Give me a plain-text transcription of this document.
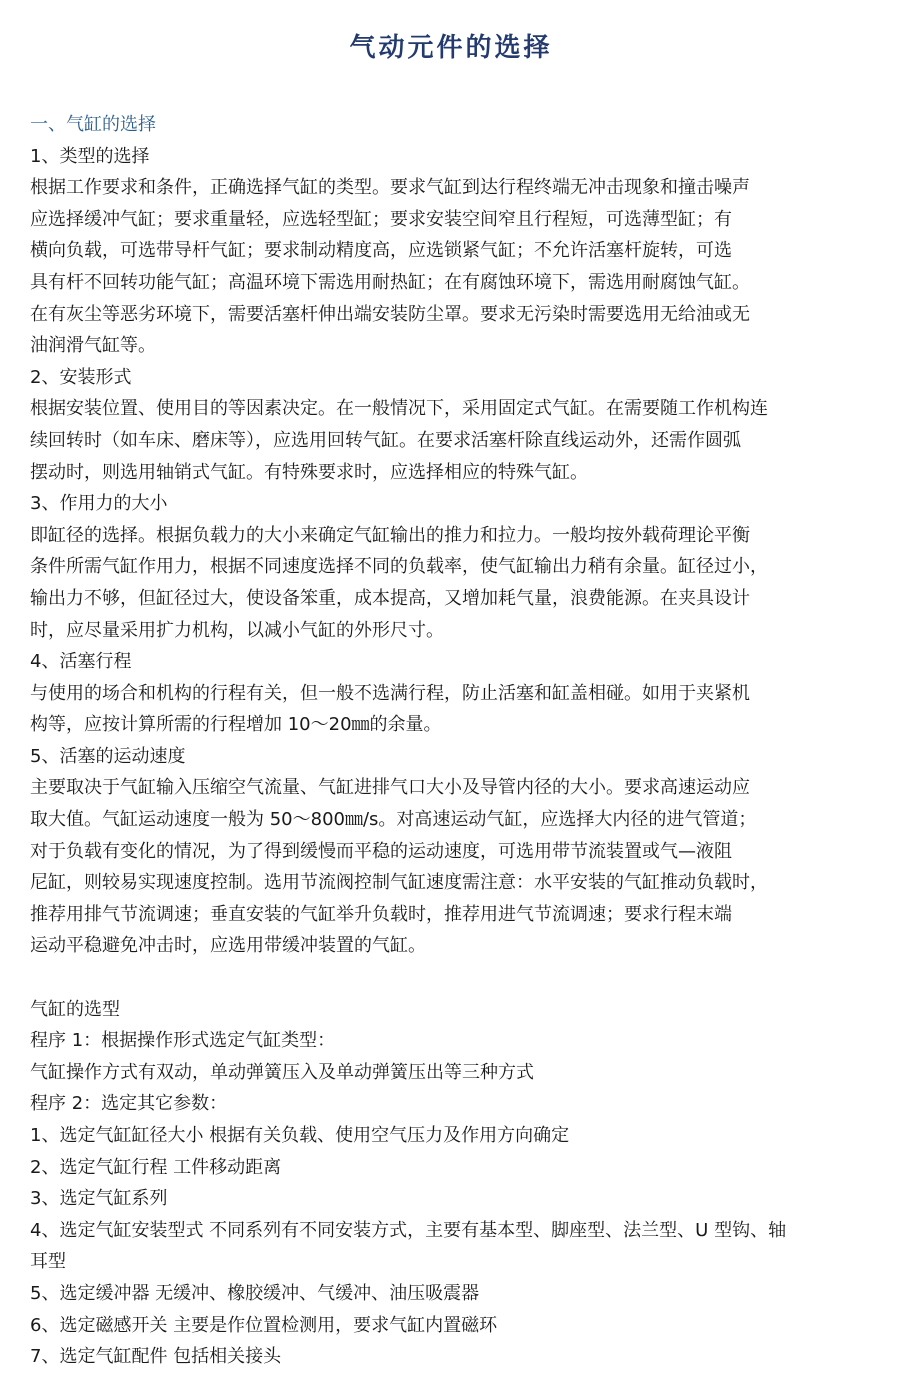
气动元件的选择
一、气缸的选择
1、类型的选择
根据工作要求和条件，正确选择气缸的类型。要求气缸到达行程终端无冲击现象和撞击噪声
应选择缓冲气缸；要求重量轻，应选轻型缸；要求安装空间窄且行程短，可选薄型缸；有
横向负载，可选带导杆气缸；要求制动精度高，应选锁紧气缸；不允许活塞杆旋转，可选
具有杆不回转功能气缸；高温环境下需选用耐热缸；在有腐蚀环境下，需选用耐腐蚀气缸。
在有灰尘等恶劣环境下，需要活塞杆伸出端安装防尘罩。要求无污染时需要选用无给油或无
油润滑气缸等。
2、安装形式
根据安装位置、使用目的等因素决定。在一般情况下，采用固定式气缸。在需要随工作机构连
续回转时（如车床、磨床等），应选用回转气缸。在要求活塞杆除直线运动外，还需作圆弧
摆动时，则选用轴销式气缸。有特殊要求时，应选择相应的特殊气缸。
3、作用力的大小
即缸径的选择。根据负载力的大小来确定气缸输出的推力和拉力。一般均按外载荷理论平衡
条件所需气缸作用力，根据不同速度选择不同的负载率，使气缸输出力稍有余量。缸径过小，
输出力不够，但缸径过大，使设备笨重，成本提高，又增加耗气量，浪费能源。在夹具设计
时，应尽量采用扩力机构，以减小气缸的外形尺寸。
4、活塞行程
与使用的场合和机构的行程有关，但一般不选满行程，防止活塞和缸盖相碰。如用于夹紧机
构等，应按计算所需的行程增加 10～20㎜的余量。
5、活塞的运动速度
主要取决于气缸输入压缩空气流量、气缸进排气口大小及导管内径的大小。要求高速运动应
取大值。气缸运动速度一般为 50～800㎜/s。对高速运动气缸，应选择大内径的进气管道；
对于负载有变化的情况，为了得到缓慢而平稳的运动速度，可选用带节流装置或气—液阻
尼缸，则较易实现速度控制。选用节流阀控制气缸速度需注意：水平安装的气缸推动负载时，
推荐用排气节流调速；垂直安装的气缸举升负载时，推荐用进气节流调速；要求行程末端
运动平稳避免冲击时，应选用带缓冲装置的气缸。
气缸的选型
程序 1：根据操作形式选定气缸类型：
气缸操作方式有双动，单动弹簧压入及单动弹簧压出等三种方式
程序 2：选定其它参数：
1、选定气缸缸径大小 根据有关负载、使用空气压力及作用方向确定
2、选定气缸行程 工件移动距离
3、选定气缸系列
4、选定气缸安装型式 不同系列有不同安装方式，主要有基本型、脚座型、法兰型、U 型钩、轴
耳型
5、选定缓冲器 无缓冲、橡胶缓冲、气缓冲、油压吸震器
6、选定磁感开关 主要是作位置检测用，要求气缸内置磁环
7、选定气缸配件 包括相关接头
